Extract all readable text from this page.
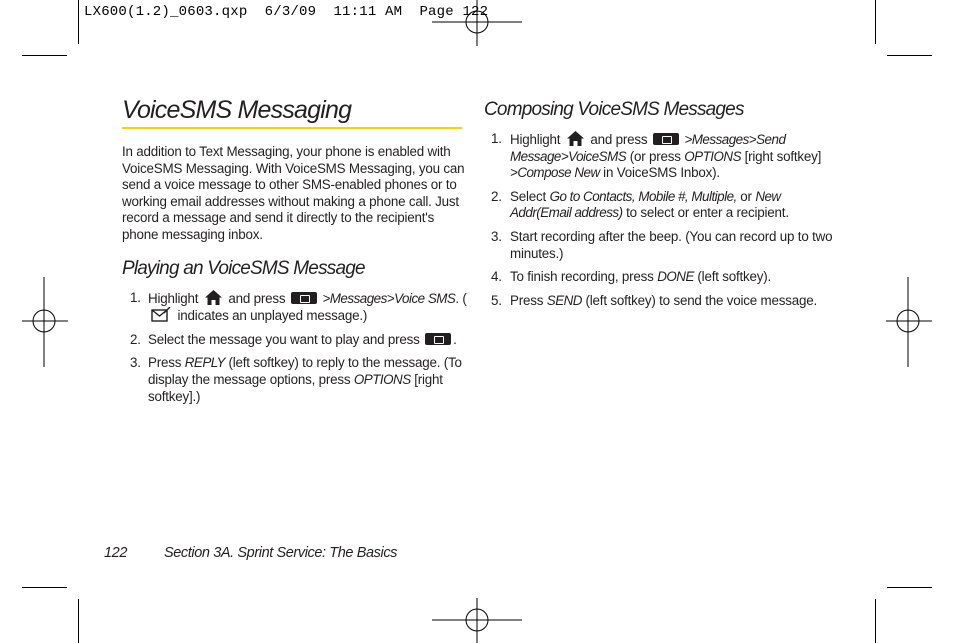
LX600(1.2)_0603.qxp  6/3/09  11:11 AM  Page 122
VoiceSMS Messaging

In addition to Text Messaging, your phone is enabled with VoiceSMS Messaging. With VoiceSMS Messaging, you can send a voice message to other SMS-enabled phones or to working email addresses without making a phone call. Just record a message and send it directly to the recipient's phone messaging inbox.

Playing an VoiceSMS Message
1. Highlight and press	>Messages>Voice SMS. (  indicates an unplayed message.)
2. Select the message you want to play and press	.
3. Press REPLY (left softkey) to reply to the message. (To display the message options, press OPTIONS [right softkey].)
Composing VoiceSMS Messages
1. Highlight and press	>Messages>Send Message>VoiceSMS (or press OPTIONS [right softkey] >Compose New in VoiceSMS Inbox).
2. Select Go to Contacts, Mobile #, Multiple, or New Addr(Email address) to select or enter a recipient.
3. Start recording after the beep. (You can record up to two minutes.)
4. To finish recording, press DONE (left softkey).
5. Press SEND (left softkey) to send the voice message.
122	Section 3A. Sprint Service: The Basics
